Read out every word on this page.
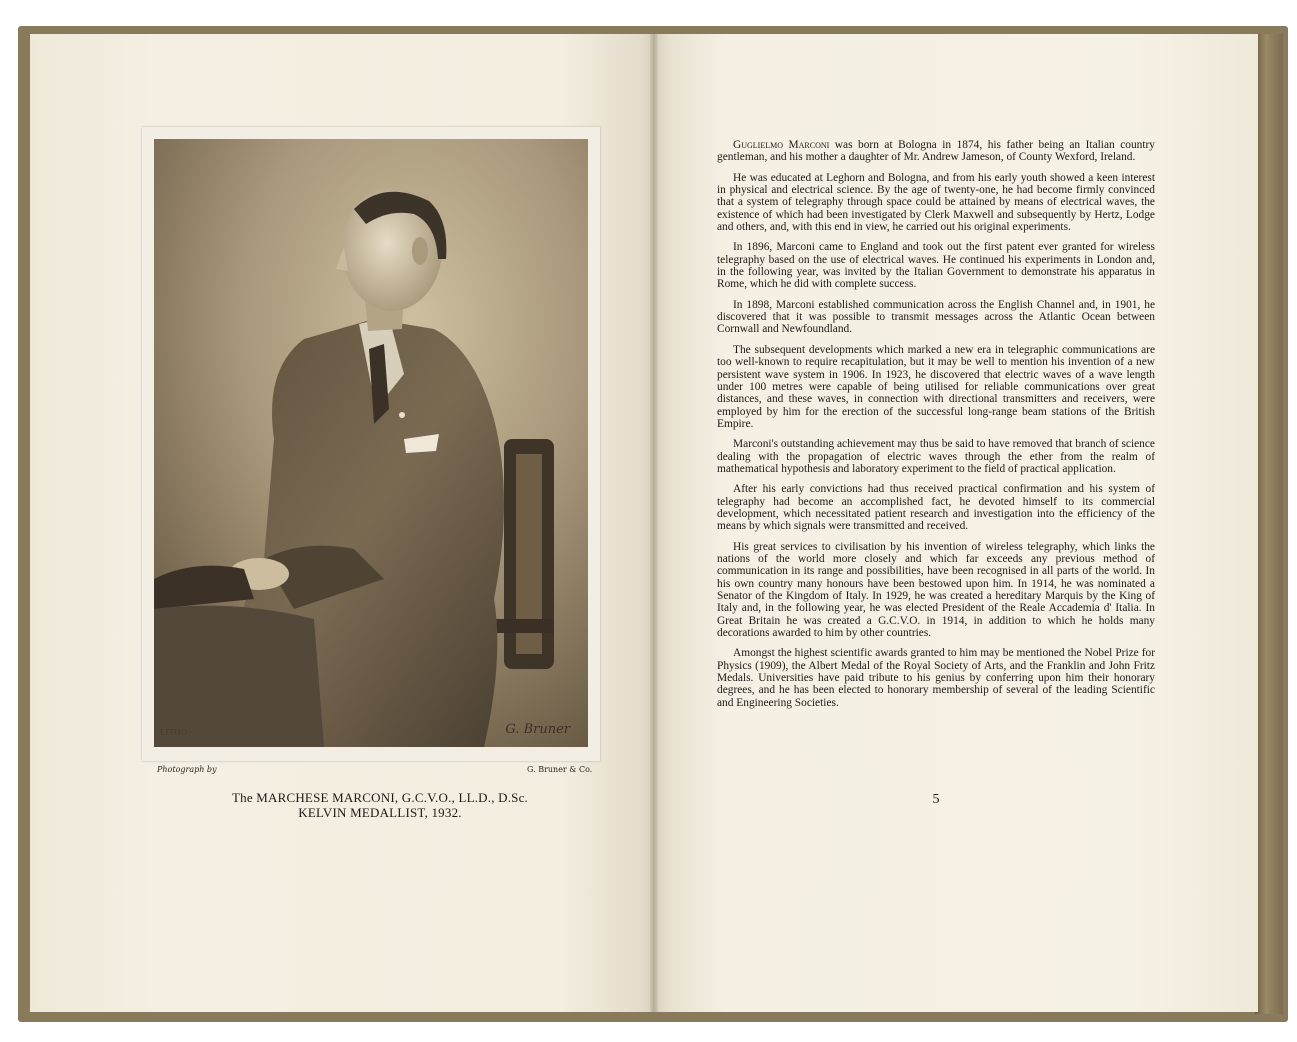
LITHO	G. Bruner
Photograph by	G. Bruner & Co.
The MARCHESE MARCONI, G.C.V.O., LL.D., D.Sc.
KELVIN MEDALLIST, 1932.

Guglielmo Marconi was born at Bologna in 1874, his father being an Italian country gentleman, and his mother a daughter of Mr. Andrew Jameson, of County Wexford, Ireland.

He was educated at Leghorn and Bologna, and from his early youth showed a keen interest in physical and electrical science. By the age of twenty-one, he had become firmly convinced that a system of telegraphy through space could be attained by means of electrical waves, the existence of which had been investigated by Clerk Maxwell and subsequently by Hertz, Lodge and others, and, with this end in view, he carried out his original experiments.

In 1896, Marconi came to England and took out the first patent ever granted for wireless telegraphy based on the use of electrical waves. He continued his experiments in London and, in the following year, was invited by the Italian Government to demonstrate his apparatus in Rome, which he did with complete success.

In 1898, Marconi established communication across the English Channel and, in 1901, he discovered that it was possible to transmit messages across the Atlantic Ocean between Cornwall and Newfoundland.

The subsequent developments which marked a new era in telegraphic communications are too well-known to require recapitulation, but it may be well to mention his invention of a new persistent wave system in 1906. In 1923, he discovered that electric waves of a wave length under 100 metres were capable of being utilised for reliable communications over great distances, and these waves, in connection with directional transmitters and receivers, were employed by him for the erection of the successful long-range beam stations of the British Empire.

Marconi's outstanding achievement may thus be said to have removed that branch of science dealing with the propagation of electric waves through the ether from the realm of mathematical hypothesis and laboratory experiment to the field of practical application.

After his early convictions had thus received practical confirmation and his system of telegraphy had become an accomplished fact, he devoted himself to its commercial development, which necessitated patient research and investigation into the efficiency of the means by which signals were transmitted and received.

His great services to civilisation by his invention of wireless telegraphy, which links the nations of the world more closely and which far exceeds any previous method of communication in its range and possibilities, have been recognised in all parts of the world. In his own country many honours have been bestowed upon him. In 1914, he was nominated a Senator of the Kingdom of Italy. In 1929, he was created a hereditary Marquis by the King of Italy and, in the following year, he was elected President of the Reale Accademia d' Italia. In Great Britain he was created a G.C.V.O. in 1914, in addition to which he holds many decorations awarded to him by other countries.

Amongst the highest scientific awards granted to him may be mentioned the Nobel Prize for Physics (1909), the Albert Medal of the Royal Society of Arts, and the Franklin and John Fritz Medals. Universities have paid tribute to his genius by conferring upon him their honorary degrees, and he has been elected to honorary membership of several of the leading Scientific and Engineering Societies.

5
